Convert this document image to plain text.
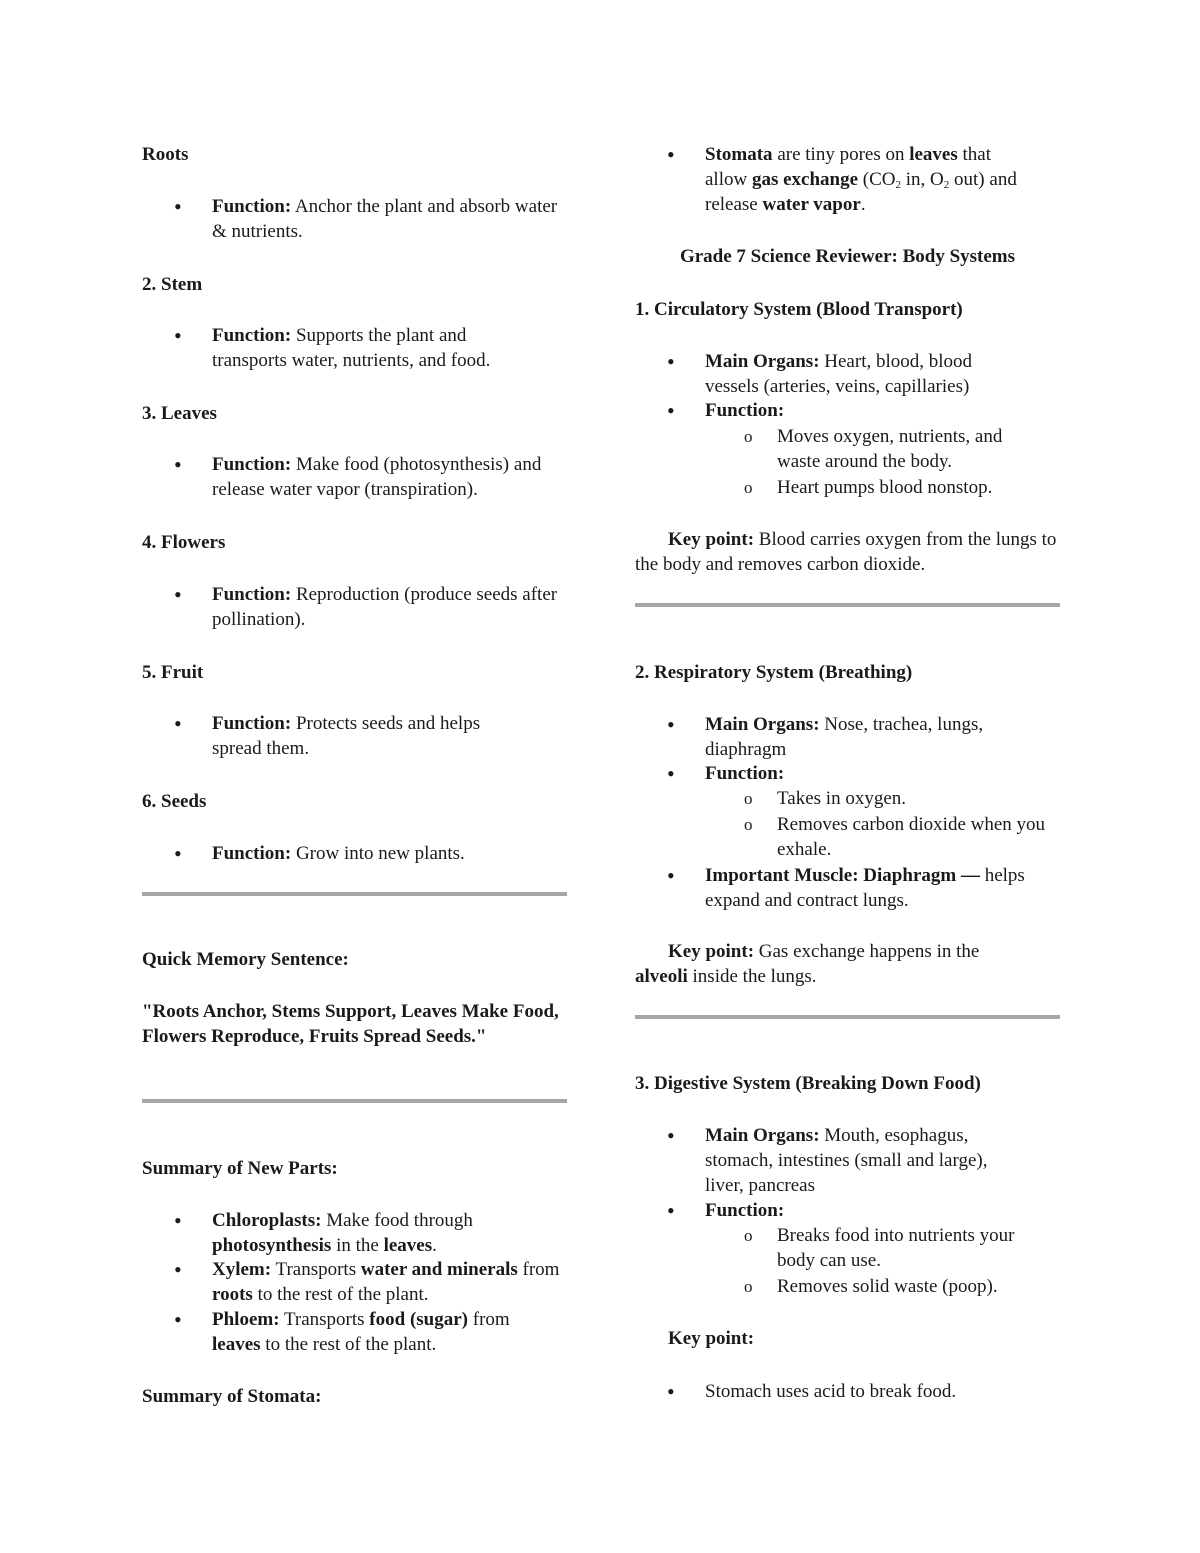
Roots
• Function: Anchor the plant and absorb water & nutrients.
2. Stem
• Function: Supports the plant and transports water, nutrients, and food.
3. Leaves
• Function: Make food (photosynthesis) and release water vapor (transpiration).
4. Flowers
• Function: Reproduction (produce seeds after pollination).
5. Fruit
• Function: Protects seeds and helps spread them.
6. Seeds
• Function: Grow into new plants.
Quick Memory Sentence:
"Roots Anchor, Stems Support, Leaves Make Food, Flowers Reproduce, Fruits Spread Seeds."
Summary of New Parts:
• Chloroplasts: Make food through photosynthesis in the leaves.
• Xylem: Transports water and minerals from roots to the rest of the plant.
• Phloem: Transports food (sugar) from leaves to the rest of the plant.
Summary of Stomata:
• Stomata are tiny pores on leaves that allow gas exchange ($CO_2$ in, $O_2$ out) and release water vapor.
Grade 7 Science Reviewer: Body Systems
1. Circulatory System (Blood Transport)
• Main Organs: Heart, blood, blood vessels (arteries, veins, capillaries)
• Function:
o Moves oxygen, nutrients, and waste around the body.
o Heart pumps blood nonstop.
Key point: Blood carries oxygen from the lungs to the body and removes carbon dioxide.
2. Respiratory System (Breathing)
• Main Organs: Nose, trachea, lungs, diaphragm
• Function:
o Takes in oxygen.
o Removes carbon dioxide when you exhale.
• Important Muscle: Diaphragm — helps expand and contract lungs.
Key point: Gas exchange happens in the alveoli inside the lungs.
3. Digestive System (Breaking Down Food)
• Main Organs: Mouth, esophagus, stomach, intestines (small and large), liver, pancreas
• Function:
o Breaks food into nutrients your body can use.
o Removes solid waste (poop).
Key point:
• Stomach uses acid to break food.
